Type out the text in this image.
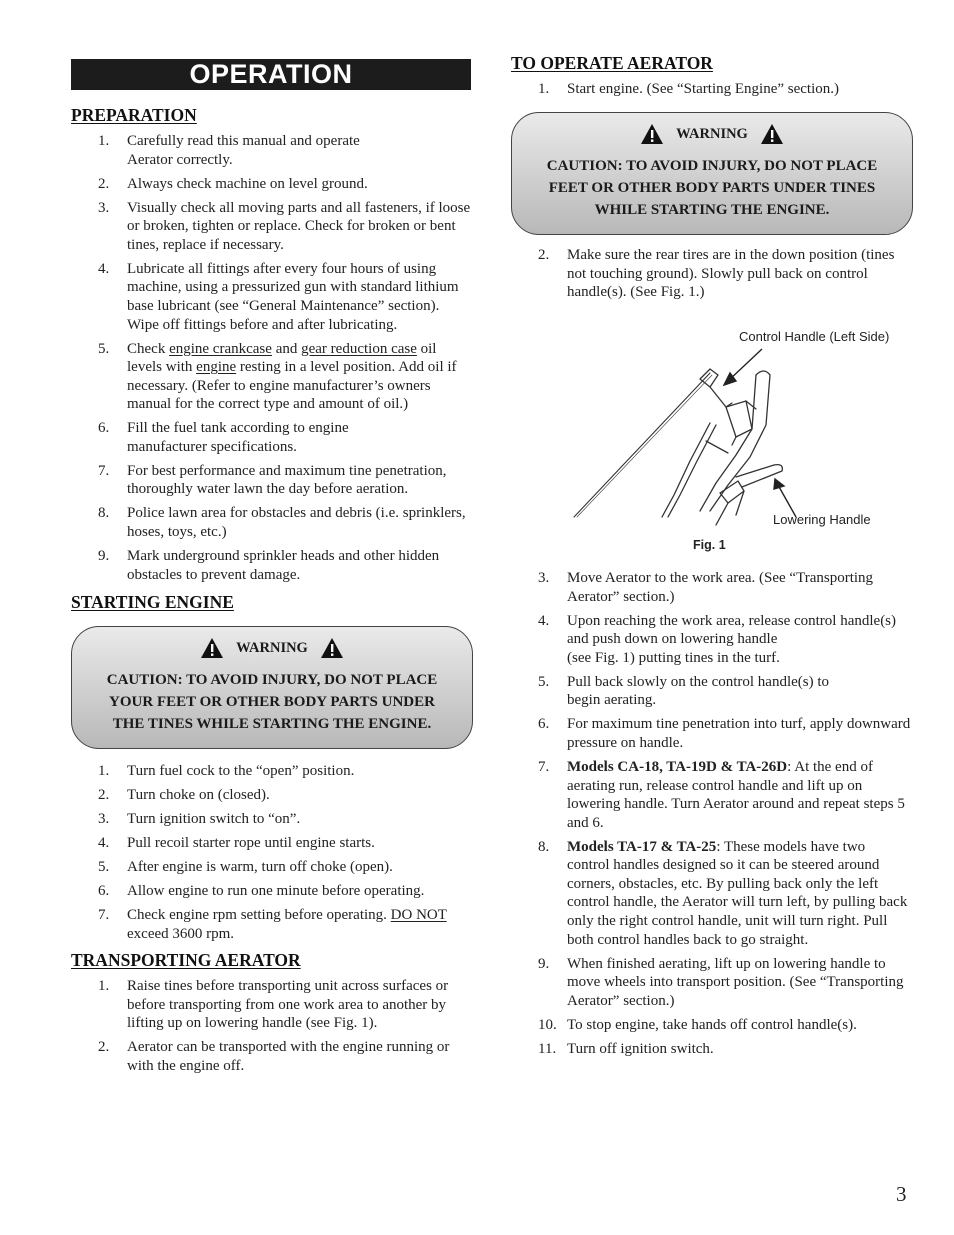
OPERATION
PREPARATION
1. Carefully read this manual and operate
Aerator correctly.
2. Always check machine on level ground.
3. Visually check all moving parts and all fasteners, if loose or broken, tighten or replace. Check for broken or bent tines, replace if necessary.
4. Lubricate all fittings after every four hours of using machine, using a pressurized gun with standard lithium base lubricant (see “General Maintenance” section). Wipe off fittings before and after lubricating.
5. Check engine crankcase and gear reduction case oil levels with engine resting in a level position. Add oil if necessary. (Refer to engine manufacturer’s owners manual for the correct type and amount of oil.)
6. Fill the fuel tank according to engine
manufacturer specifications.
7. For best performance and maximum tine penetration, thoroughly water lawn the day before aeration.
8. Police lawn area for obstacles and debris (i.e. sprinklers, hoses, toys, etc.)
9. Mark underground sprinkler heads and other hidden obstacles to prevent damage.
STARTING ENGINE
WARNING
CAUTION: TO AVOID INJURY, DO NOT PLACE
YOUR FEET OR OTHER BODY PARTS UNDER
THE TINES WHILE STARTING THE ENGINE.
1. Turn fuel cock to the “open” position.
2. Turn choke on (closed).
3. Turn ignition switch to “on”.
4. Pull recoil starter rope until engine starts.
5. After engine is warm, turn off choke (open).
6. Allow engine to run one minute before operating.
7. Check engine rpm setting before operating. DO NOT exceed 3600 rpm.
TRANSPORTING AERATOR
1. Raise tines before transporting unit across surfaces or before transporting from one work area to another by lifting up on lowering handle (see Fig. 1).
2. Aerator can be transported with the engine running or with the engine off.
TO OPERATE AERATOR
1. Start engine. (See “Starting Engine” section.)
WARNING
CAUTION: TO AVOID INJURY, DO NOT PLACE
FEET OR OTHER BODY PARTS UNDER TINES
WHILE STARTING THE ENGINE.
2. Make sure the rear tires are in the down position (tines not touching ground). Slowly pull back on control handle(s). (See Fig. 1.)
Control Handle (Left Side)
Lowering Handle
Fig. 1
3. Move Aerator to the work area. (See “Transporting Aerator” section.)
4. Upon reaching the work area, release control handle(s) and push down on lowering handle
(see Fig. 1) putting tines in the turf.
5. Pull back slowly on the control handle(s) to
begin aerating.
6. For maximum tine penetration into turf, apply downward pressure on handle.
7. Models CA-18, TA-19D & TA-26D: At the end of aerating run, release control handle and lift up on lowering handle. Turn Aerator around and repeat steps 5 and 6.
8. Models TA-17 & TA-25: These models have two control handles designed so it can be steered around corners, obstacles, etc. By pulling back only the left control handle, the Aerator will turn left, by pulling back only the right control handle, unit will turn right. Pull both control handles back to go straight.
9. When finished aerating, lift up on lowering handle to move wheels into transport position. (See “Transporting Aerator” section.)
10. To stop engine, take hands off control handle(s).
11. Turn off ignition switch.
3
